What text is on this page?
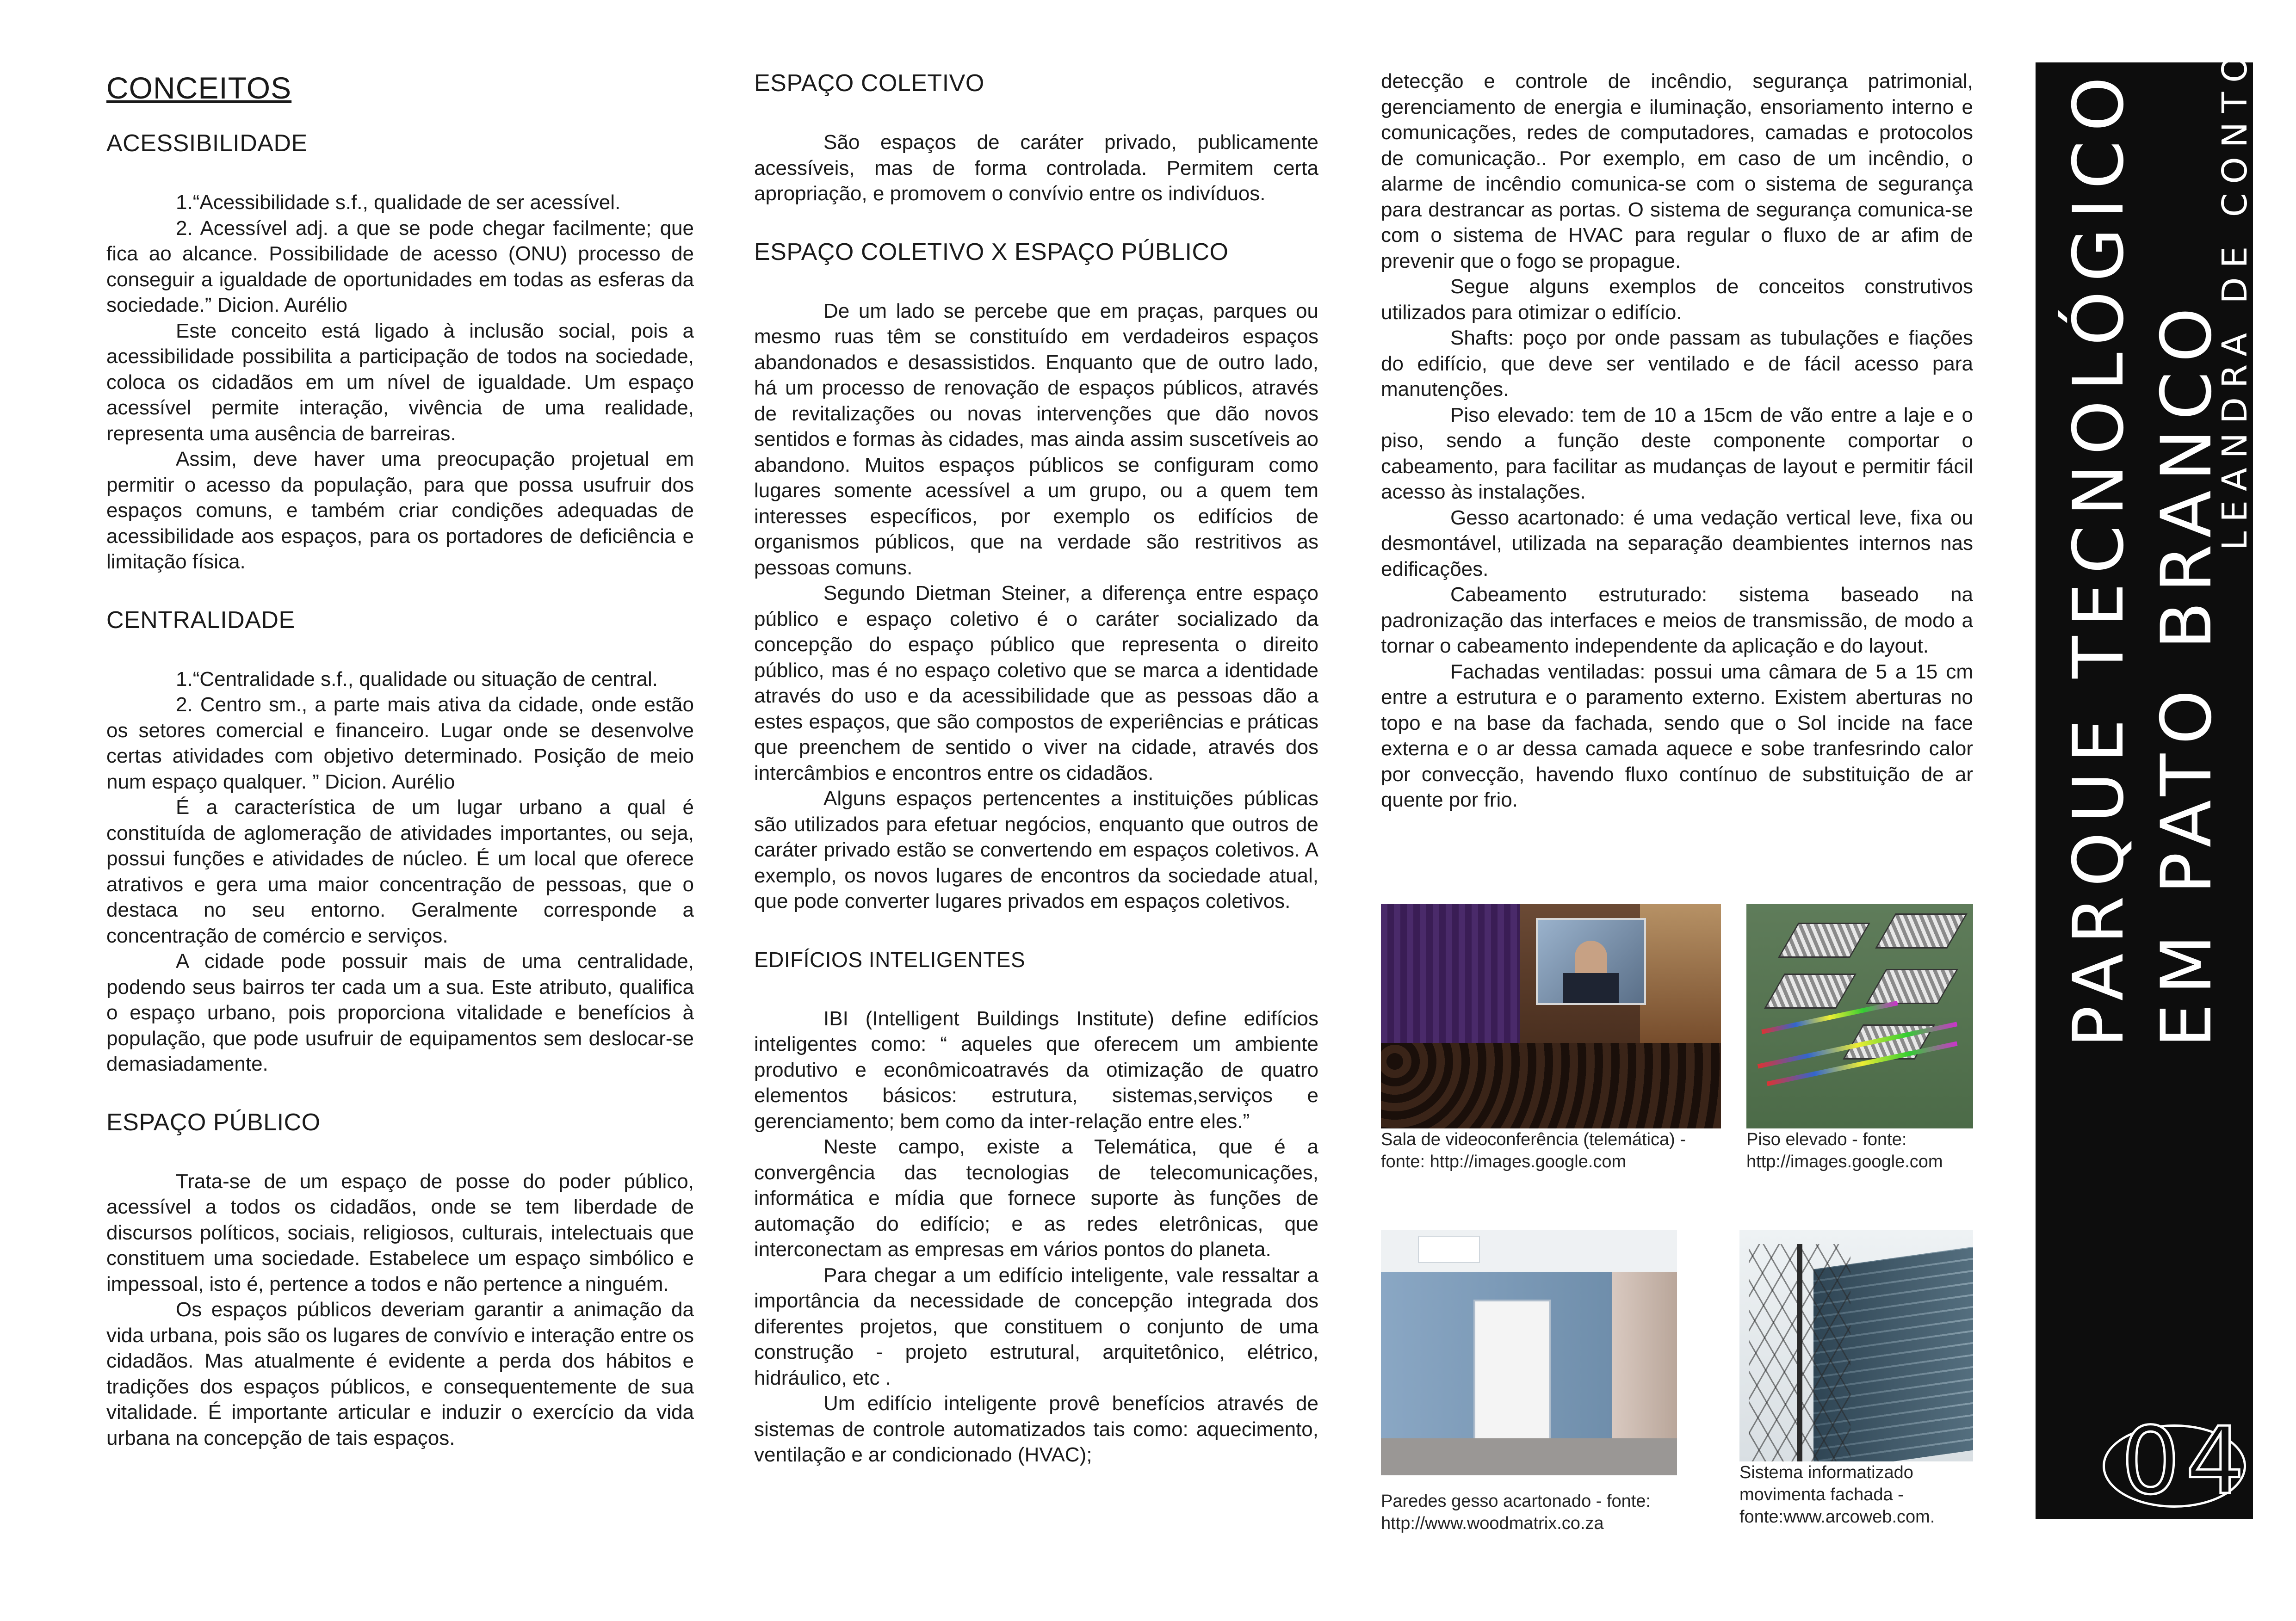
CONCEITOS
ACESSIBILIDADE

1.“Acessibilidade s.f., qualidade de ser acessível.

2. Acessível adj. a que se pode chegar facilmente; que fica ao alcance. Possibilidade de acesso (ONU) processo de conseguir a igualdade de oportunidades em todas as esferas da sociedade.” Dicion. Aurélio

Este conceito está ligado à inclusão social, pois a acessibilidade possibilita a participação de todos na sociedade, coloca os cidadãos em um nível de igualdade. Um espaço acessível permite interação, vivência de uma realidade, representa uma ausência de barreiras.

Assim, deve haver uma preocupação projetual em permitir o acesso da população, para que possa usufruir dos espaços comuns, e também criar condições adequadas de acessibilidade aos espaços, para os portadores de deficiência e limitação física.

CENTRALIDADE

1.“Centralidade s.f., qualidade ou situação de central.

2. Centro sm., a parte mais ativa da cidade, onde estão os setores comercial e financeiro. Lugar onde se desenvolve certas atividades com objetivo determinado. Posição de meio num espaço qualquer. ” Dicion. Aurélio

É a característica de um lugar urbano a qual é constituída de aglomeração de atividades importantes, ou seja, possui funções e atividades de núcleo. É um local que oferece atrativos e gera uma maior concentração de pessoas, que o destaca no seu entorno. Geralmente corresponde a concentração de comércio e serviços.

A cidade pode possuir mais de uma centralidade, podendo seus bairros ter cada um a sua. Este atributo, qualifica o espaço urbano, pois proporciona vitalidade e benefícios à população, que pode usufruir de equipamentos sem deslocar-se demasiadamente.

ESPAÇO PÚBLICO

Trata-se de um espaço de posse do poder público, acessível a todos os cidadãos, onde se tem liberdade de discursos políticos, sociais, religiosos, culturais, intelectuais que constituem uma sociedade. Estabelece um espaço simbólico e impessoal, isto é, pertence a todos e não pertence a ninguém.

Os espaços públicos deveriam garantir a animação da vida urbana, pois são os lugares de convívio e interação entre os cidadãos. Mas atualmente é evidente a perda dos hábitos e tradições dos espaços públicos, e consequentemente de sua vitalidade. É importante articular e induzir o exercício da vida urbana na concepção de tais espaços.

ESPAÇO COLETIVO

São espaços de caráter privado, publicamente acessíveis, mas de forma controlada. Permitem certa apropriação, e promovem o convívio entre os indivíduos.

ESPAÇO COLETIVO X ESPAÇO PÚBLICO

De um lado se percebe que em praças, parques ou mesmo ruas têm se constituído em verdadeiros espaços abandonados e desassistidos. Enquanto que de outro lado, há um processo de renovação de espaços públicos, através de revitalizações ou novas intervenções que dão novos sentidos e formas às cidades, mas ainda assim suscetíveis ao abandono. Muitos espaços públicos se configuram como lugares somente acessível a um grupo, ou a quem tem interesses específicos, por exemplo os edifícios de organismos públicos, que na verdade são restritivos as pessoas comuns.

Segundo Dietman Steiner, a diferença entre espaço público e espaço coletivo é o caráter socializado da concepção do espaço público que representa o direito público, mas é no espaço coletivo que se marca a identidade através do uso e da acessibilidade que as pessoas dão a estes espaços, que são compostos de experiências e práticas que preenchem de sentido o viver na cidade, através dos intercâmbios e encontros entre os cidadãos.

Alguns espaços pertencentes a instituições públicas são utilizados para efetuar negócios, enquanto que outros de caráter privado estão se convertendo em espaços coletivos. A exemplo, os novos lugares de encontros da sociedade atual, que pode converter lugares privados em espaços coletivos.

EDIFÍCIOS INTELIGENTES

IBI (Intelligent Buildings Institute) define edifícios inteligentes como: “ aqueles que oferecem um ambiente produtivo e econômicoatravés da otimização de quatro elementos básicos: estrutura, sistemas,serviços e gerenciamento; bem como da inter-relação entre eles.”

Neste campo, existe a Telemática, que é a convergência das tecnologias de telecomunicações, informática e mídia que fornece suporte às funções de automação do edifício; e as redes eletrônicas, que interconectam as empresas em vários pontos do planeta.

Para chegar a um edifício inteligente, vale ressaltar a importância da necessidade de concepção integrada dos diferentes projetos, que constituem o conjunto de uma construção - projeto estrutural, arquitetônico, elétrico, hidráulico, etc .

Um edifício inteligente provê benefícios através de sistemas de controle automatizados tais como: aquecimento, ventilação e ar condicionado (HVAC);

detecção e controle de incêndio, segurança patrimonial, gerenciamento de energia e iluminação, ensoriamento interno e comunicações, redes de computadores, camadas e protocolos de comunicação.. Por exemplo, em caso de um incêndio, o alarme de incêndio comunica-se com o sistema de segurança para destrancar as portas. O sistema de segurança comunica-se com o sistema de HVAC para regular o fluxo de ar afim de prevenir que o fogo se propague.

Segue alguns exemplos de conceitos construtivos utilizados para otimizar o edifício.

Shafts: poço por onde passam as tubulações e fiações do edifício, que deve ser ventilado e de fácil acesso para manutenções.

Piso elevado: tem de 10 a 15cm de vão entre a laje e o piso, sendo a função deste componente comportar o cabeamento, para facilitar as mudanças de layout e permitir fácil acesso às instalações.

Gesso acartonado: é uma vedação vertical leve, fixa ou desmontável, utilizada na separação deambientes internos nas edificações.

Cabeamento estruturado: sistema baseado na padronização das interfaces e meios de transmissão, de modo a tornar o cabeamento independente da aplicação e do layout.

Fachadas ventiladas: possui uma câmara de 5 a 15 cm entre a estrutura e o paramento externo. Existem aberturas no topo e na base da fachada, sendo que o Sol incide na face externa e o ar dessa camada aquece e sobe tranfesrindo calor por convecção, havendo fluxo contínuo de substituição de ar quente por frio.

Sala de videoconferência (telemática) - fonte: http://images.google.com
Piso elevado - fonte: http://images.google.com
Paredes gesso acartonado - fonte: http://www.woodmatrix.co.za
Sistema informatizado movimenta fachada - fonte:www.arcoweb.com.
PARQUE TECNOLÓGICO EM PATO BRANCO
LEANDRA DE CONTO
04
